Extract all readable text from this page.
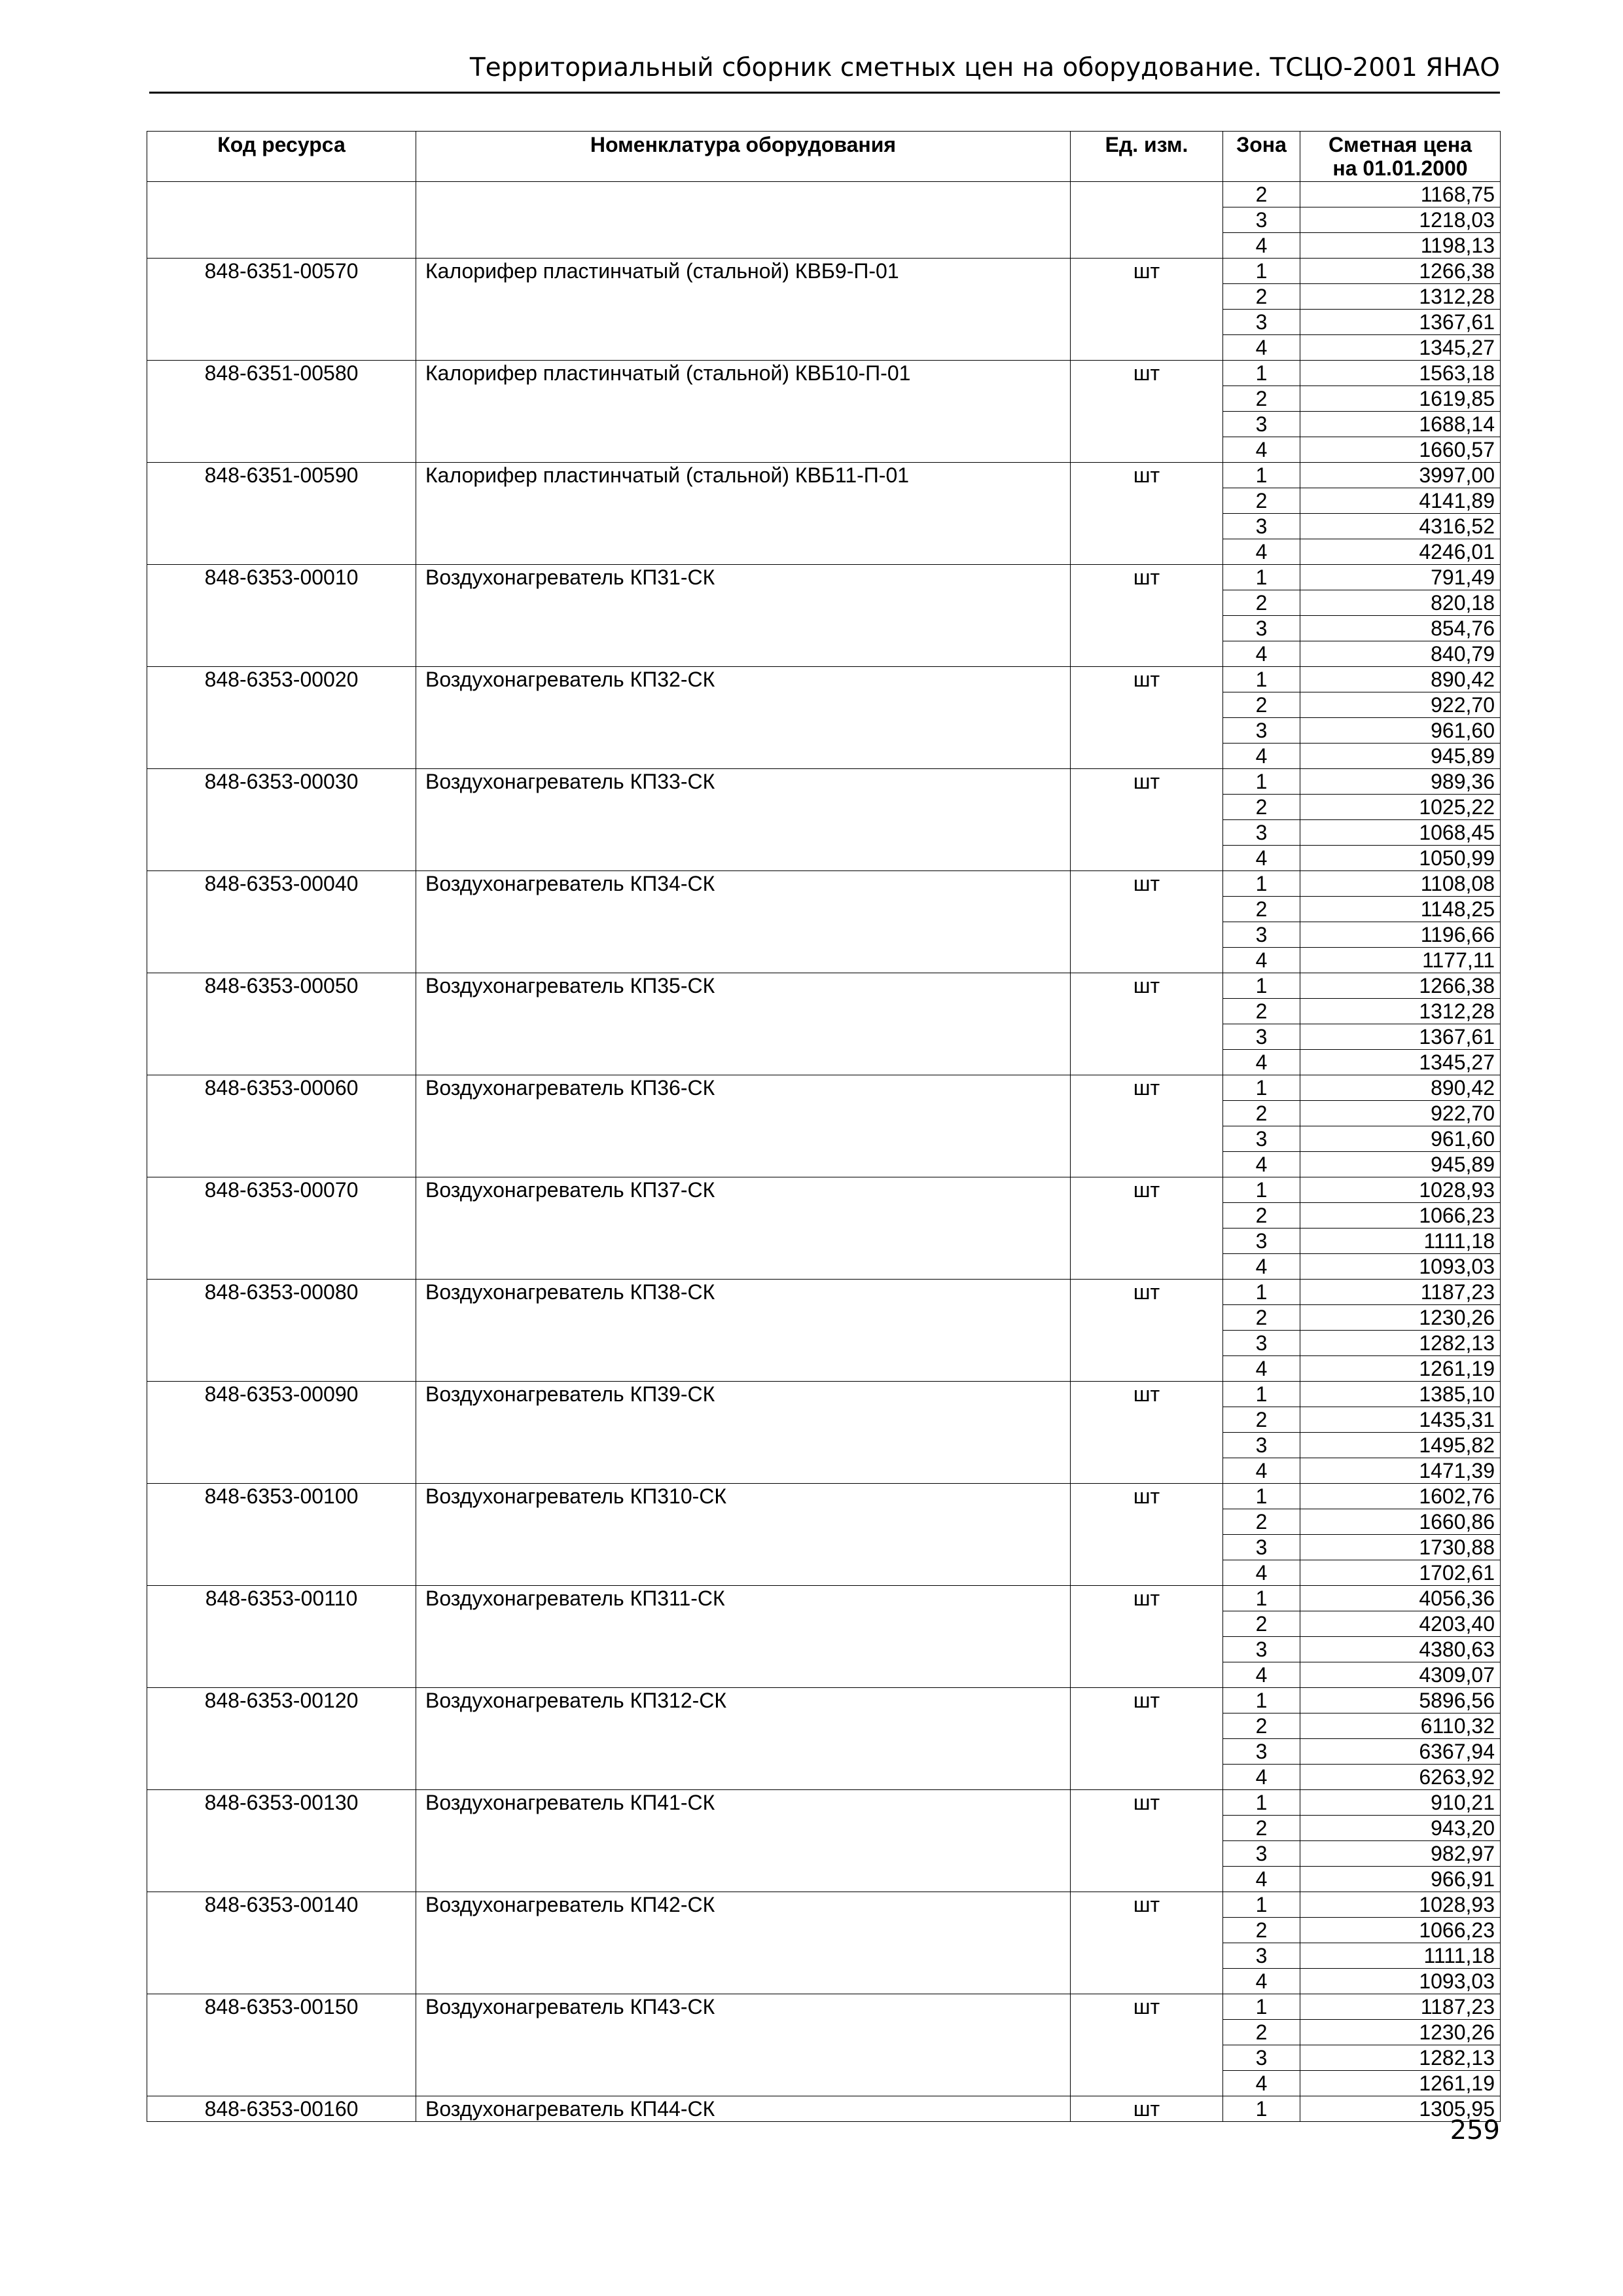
Территориальный сборник сметных цен на оборудование. ТСЦО-2001 ЯНАО
Код ресурса	Номенклатура оборудования	Ед. изм.	Зона	Сметная цена
на 01.01.2000

			2	1168,75
			3	1218,03
			4	1198,13
848-6351-00570	Калорифер пластинчатый (стальной) КВБ9-П-01	шт	1	1266,38
			2	1312,28
			3	1367,61
			4	1345,27
848-6351-00580	Калорифер пластинчатый (стальной) КВБ10-П-01	шт	1	1563,18
			2	1619,85
			3	1688,14
			4	1660,57
848-6351-00590	Калорифер пластинчатый (стальной) КВБ11-П-01	шт	1	3997,00
			2	4141,89
			3	4316,52
			4	4246,01
848-6353-00010	Воздухонагреватель КП31-СК	шт	1	791,49
			2	820,18
			3	854,76
			4	840,79
848-6353-00020	Воздухонагреватель КП32-СК	шт	1	890,42
			2	922,70
			3	961,60
			4	945,89
848-6353-00030	Воздухонагреватель КП33-СК	шт	1	989,36
			2	1025,22
			3	1068,45
			4	1050,99
848-6353-00040	Воздухонагреватель КП34-СК	шт	1	1108,08
			2	1148,25
			3	1196,66
			4	1177,11
848-6353-00050	Воздухонагреватель КП35-СК	шт	1	1266,38
			2	1312,28
			3	1367,61
			4	1345,27
848-6353-00060	Воздухонагреватель КП36-СК	шт	1	890,42
			2	922,70
			3	961,60
			4	945,89
848-6353-00070	Воздухонагреватель КП37-СК	шт	1	1028,93
			2	1066,23
			3	1111,18
			4	1093,03
848-6353-00080	Воздухонагреватель КП38-СК	шт	1	1187,23
			2	1230,26
			3	1282,13
			4	1261,19
848-6353-00090	Воздухонагреватель КП39-СК	шт	1	1385,10
			2	1435,31
			3	1495,82
			4	1471,39
848-6353-00100	Воздухонагреватель КП310-СК	шт	1	1602,76
			2	1660,86
			3	1730,88
			4	1702,61
848-6353-00110	Воздухонагреватель КП311-СК	шт	1	4056,36
			2	4203,40
			3	4380,63
			4	4309,07
848-6353-00120	Воздухонагреватель КП312-СК	шт	1	5896,56
			2	6110,32
			3	6367,94
			4	6263,92
848-6353-00130	Воздухонагреватель КП41-СК	шт	1	910,21
			2	943,20
			3	982,97
			4	966,91
848-6353-00140	Воздухонагреватель КП42-СК	шт	1	1028,93
			2	1066,23
			3	1111,18
			4	1093,03
848-6353-00150	Воздухонагреватель КП43-СК	шт	1	1187,23
			2	1230,26
			3	1282,13
			4	1261,19
848-6353-00160	Воздухонагреватель КП44-СК	шт	1	1305,95
259
